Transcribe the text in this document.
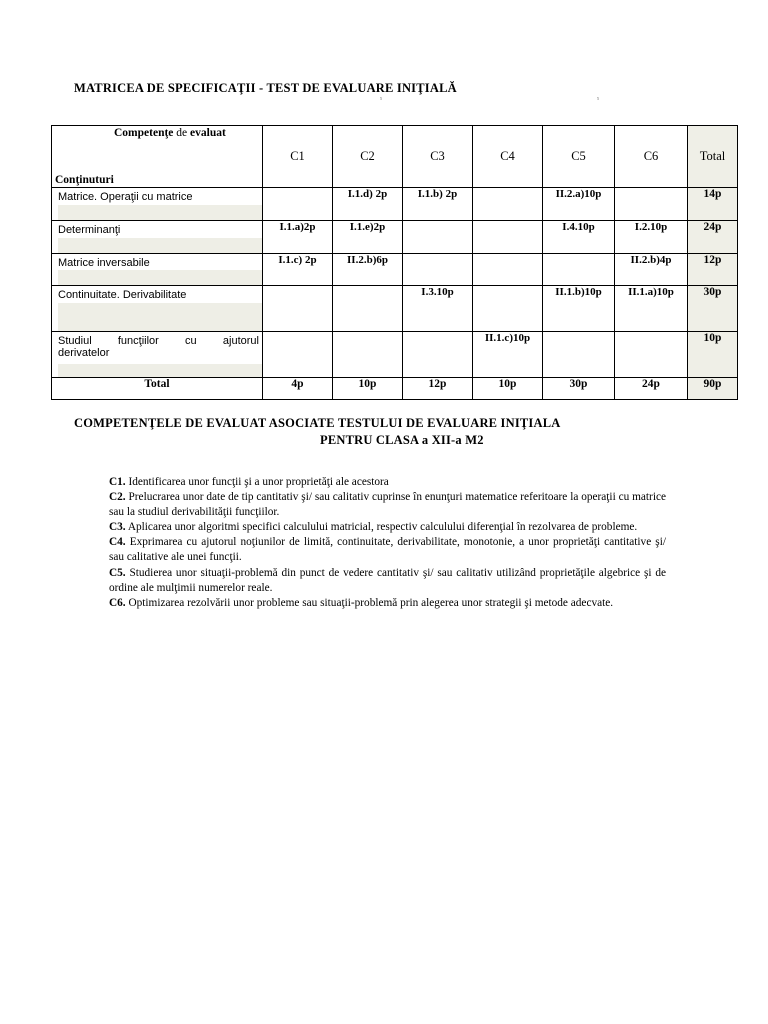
MATRICEA DE SPECIFICAŢII - TEST DE EVALUARE INIŢIALĂ
5	5
Competenţe de evaluat
Conţinuturi	C1	C2	C3	C4	C5	C6	Total

Matrice. Operaţii cu matrice		I.1.d) 2p	I.1.b) 2p		II.2.a)10p		14p

Determinanţi	I.1.a)2p	I.1.e)2p			I.4.10p	I.2.10p	24p

Matrice inversabile	I.1.c) 2p	II.2.b)6p				II.2.b)4p	12p

Continuitate. Derivabilitate			I.3.10p		II.1.b)10p	II.1.a)10p	30p

Studiul funcţiilor cu ajutorul
derivatelor				II.1.c)10p			10p
Total	4p	10p	12p	10p	30p	24p	90p
COMPETENŢELE DE EVALUAT ASOCIATE TESTULUI DE EVALUARE INIŢIALA
PENTRU CLASA a XII-a M2

C1. Identificarea unor funcţii şi a unor proprietăţi ale acestora

C2. Prelucrarea unor date de tip cantitativ şi/ sau calitativ cuprinse în enunţuri matematice referitoare la operaţii cu matrice sau la studiul derivabilităţii funcţiilor.

C3. Aplicarea unor algoritmi specifici calculului matricial, respectiv calculului diferenţial în rezolvarea de probleme.

C4. Exprimarea cu ajutorul noţiunilor de limită, continuitate, derivabilitate, monotonie, a unor proprietăţi cantitative şi/ sau calitative ale unei funcţii.

C5. Studierea unor situaţii-problemă din punct de vedere cantitativ şi/ sau calitativ utilizând proprietăţile algebrice şi de ordine ale mulţimii numerelor reale.

C6. Optimizarea rezolvării unor probleme sau situaţii-problemă prin alegerea unor strategii şi metode adecvate.
